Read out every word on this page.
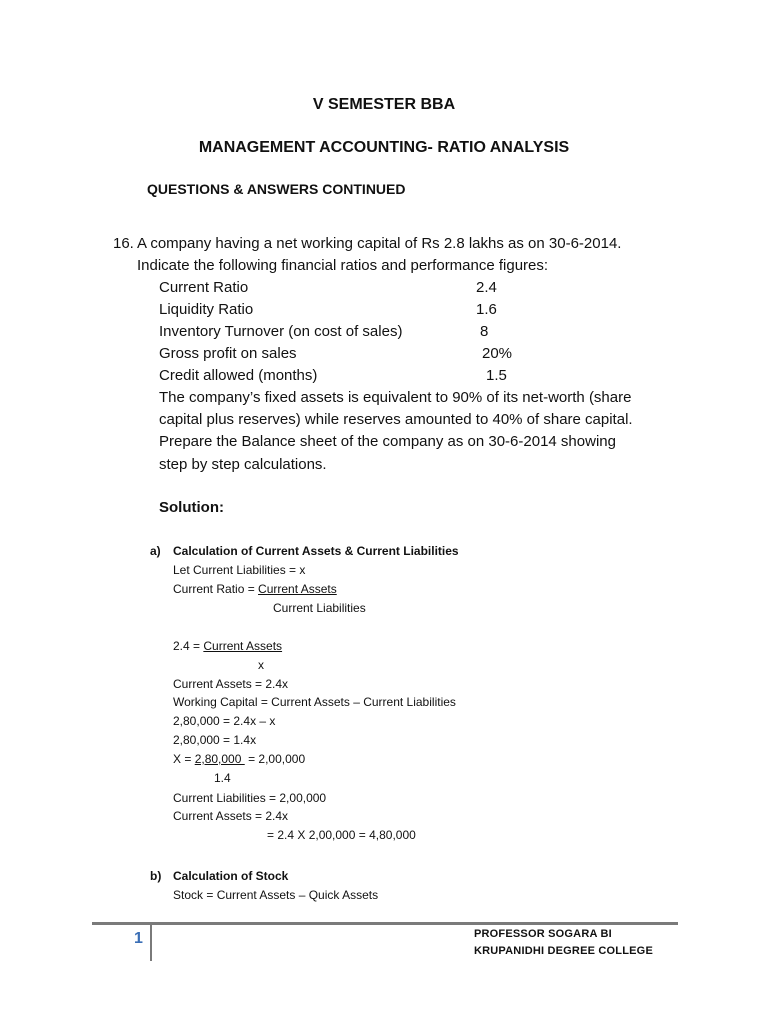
V SEMESTER BBA
MANAGEMENT ACCOUNTING- RATIO ANALYSIS
QUESTIONS & ANSWERS CONTINUED
16. A company having a net working capital of Rs 2.8 lakhs as on 30-6-2014.
Indicate the following financial ratios and performance figures:
Current Ratio	2.4
Liquidity Ratio	1.6
Inventory Turnover (on cost of sales)	8
Gross profit on sales	20%
Credit allowed (months)	1.5
The company’s fixed assets is equivalent to 90% of its net-worth (share
capital plus reserves) while reserves amounted to 40% of share capital.
Prepare the Balance sheet of the company as on 30-6-2014 showing
step by step calculations.
Solution:
a) Calculation of Current Assets & Current Liabilities
Let Current Liabilities = x
Current Ratio = Current Assets
Current Liabilities
2.4 = Current Assets
x
Current Assets = 2.4x
Working Capital = Current Assets – Current Liabilities
2,80,000 = 2.4x – x
2,80,000 = 1.4x
X = 2,80,000  = 2,00,000
1.4
Current Liabilities = 2,00,000
Current Assets = 2.4x
= 2.4 X 2,00,000 = 4,80,000
b) Calculation of Stock
Stock = Current Assets – Quick Assets
1	PROFESSOR SOGARA BI
KRUPANIDHI DEGREE COLLEGE
